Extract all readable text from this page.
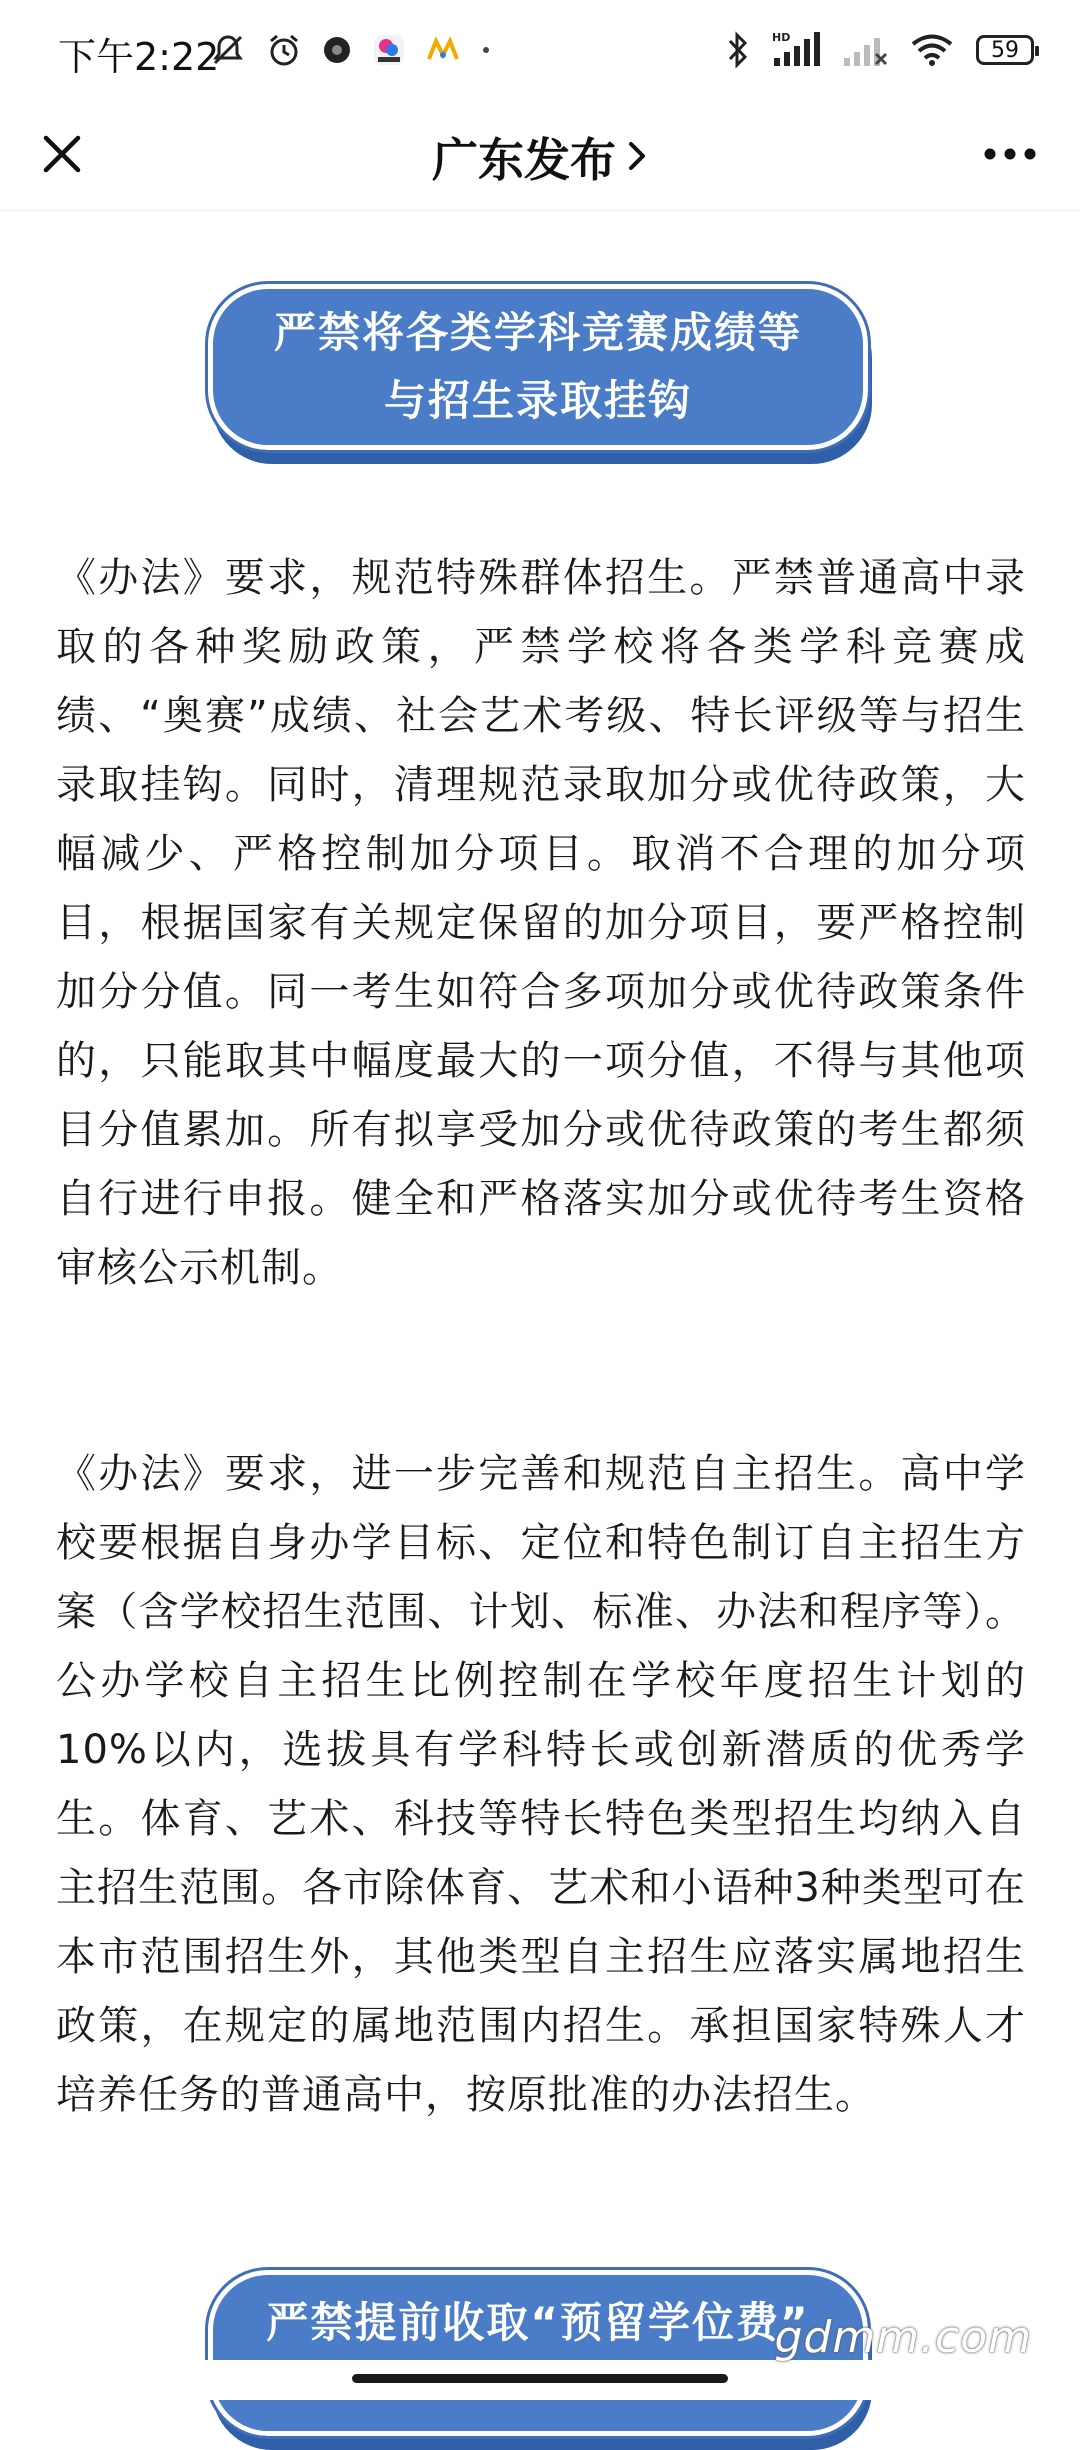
下午2:22	HD	59
广东发布
严禁将各类学科竞赛成绩等
与招生录取挂钩

《办法》要求，规范特殊群体招生。严禁普通高中录取的各种奖励政策，严禁学校将各类学科竞赛成绩、“奥赛”成绩、社会艺术考级、特长评级等与招生录取挂钩。同时，清理规范录取加分或优待政策，大幅减少、严格控制加分项目。取消不合理的加分项目，根据国家有关规定保留的加分项目，要严格控制加分分值。同一考生如符合多项加分或优待政策条件的，只能取其中幅度最大的一项分值，不得与其他项目分值累加。所有拟享受加分或优待政策的考生都须自行进行申报。健全和严格落实加分或优待考生资格审核公示机制。

《办法》要求，进一步完善和规范自主招生。高中学校要根据自身办学目标、定位和特色制订自主招生方案（含学校招生范围、计划、标准、办法和程序等）。公办学校自主招生比例控制在学校年度招生计划的10%以内，选拔具有学科特长或创新潜质的优秀学生。体育、艺术、科技等特长特色类型招生均纳入自主招生范围。各市除体育、艺术和小语种3种类型可在本市范围招生外，其他类型自主招生应落实属地招生政策，在规定的属地范围内招生。承担国家特殊人才培养任务的普通高中，按原批准的办法招生。

严禁提前收取“预留学位费”
gdmm.com
